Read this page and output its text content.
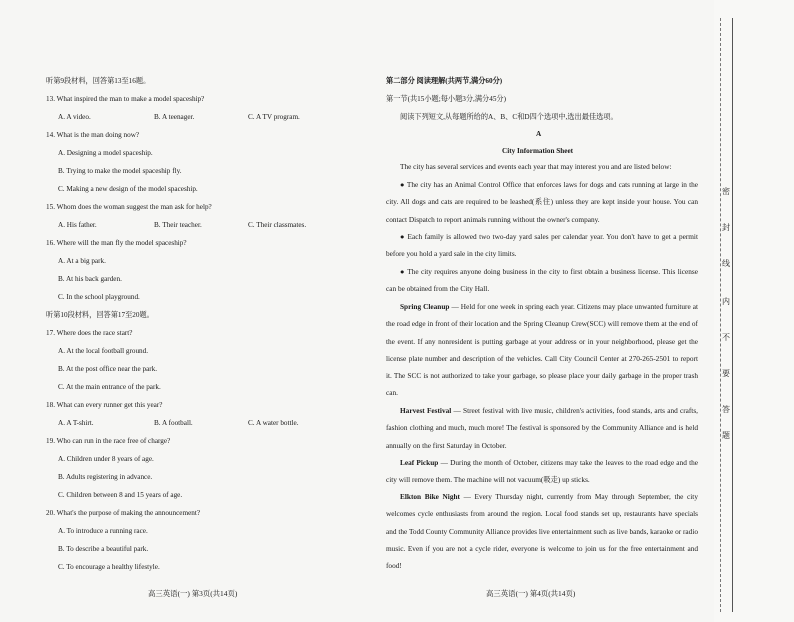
听第9段材料，回答第13至16题。
13. What inspired the man to make a model spaceship?
A. A video.	B. A teenager.	C. A TV program.
14. What is the man doing now?
A. Designing a model spaceship.
B. Trying to make the model spaceship fly.
C. Making a new design of the model spaceship.
15. Whom does the woman suggest the man ask for help?
A. His father.	B. Their teacher.	C. Their classmates.
16. Where will the man fly the model spaceship?
A. At a big park.
B. At his back garden.
C. In the school playground.
听第10段材料，回答第17至20题。
17. Where does the race start?
A. At the local football ground.
B. At the post office near the park.
C. At the main entrance of the park.
18. What can every runner get this year?
A. A T-shirt.	B. A football.	C. A water bottle.
19. Who can run in the race free of charge?
A. Children under 8 years of age.
B. Adults registering in advance.
C. Children between 8 and 15 years of age.
20. What's the purpose of making the announcement?
A. To introduce a running race.
B. To describe a beautiful park.
C. To encourage a healthy lifestyle.
高三英语(一) 第3页(共14页)
第二部分 阅读理解(共两节,满分60分)
第一节(共15小题;每小题3分,满分45分)
阅读下列短文,从每题所给的A、B、C和D四个选项中,选出最佳选项。
A
City Information Sheet

The city has several services and events each year that may interest you and are listed below:

● The city has an Animal Control Office that enforces laws for dogs and cats running at large in the city. All dogs and cats are required to be leashed(系住) unless they are kept inside your house. You can contact Dispatch to report animals running without the owner's company.

● Each family is allowed two two-day yard sales per calendar year. You don't have to get a permit before you hold a yard sale in the city limits.

● The city requires anyone doing business in the city to first obtain a business license. This license can be obtained from the City Hall.

Spring Cleanup — Held for one week in spring each year. Citizens may place unwanted furniture at the road edge in front of their location and the Spring Cleanup Crew(SCC) will remove them at the end of the event. If any nonresident is putting garbage at your address or in your neighborhood, please get the license plate number and description of the vehicles. Call City Council Center at 270-265-2501 to report it. The SCC is not authorized to take your garbage, so please place your daily garbage in the proper trash can.

Harvest Festival — Street festival with live music, children's activities, food stands, arts and crafts, fashion clothing and much, much more! The festival is sponsored by the Community Alliance and is held annually on the first Saturday in October.

Leaf Pickup — During the month of October, citizens may take the leaves to the road edge and the city will remove them. The machine will not vacuum(吸走) up sticks.

Elkton Bike Night — Every Thursday night, currently from May through September, the city welcomes cycle enthusiasts from around the region. Local food stands set up, restaurants have specials and the Todd County Community Alliance provides live entertainment such as live bands, karaoke or radio music. Even if you are not a cycle rider, everyone is welcome to join us for the free entertainment and food!

高三英语(一) 第4页(共14页)
密
封
线
内
不
要
答
题
